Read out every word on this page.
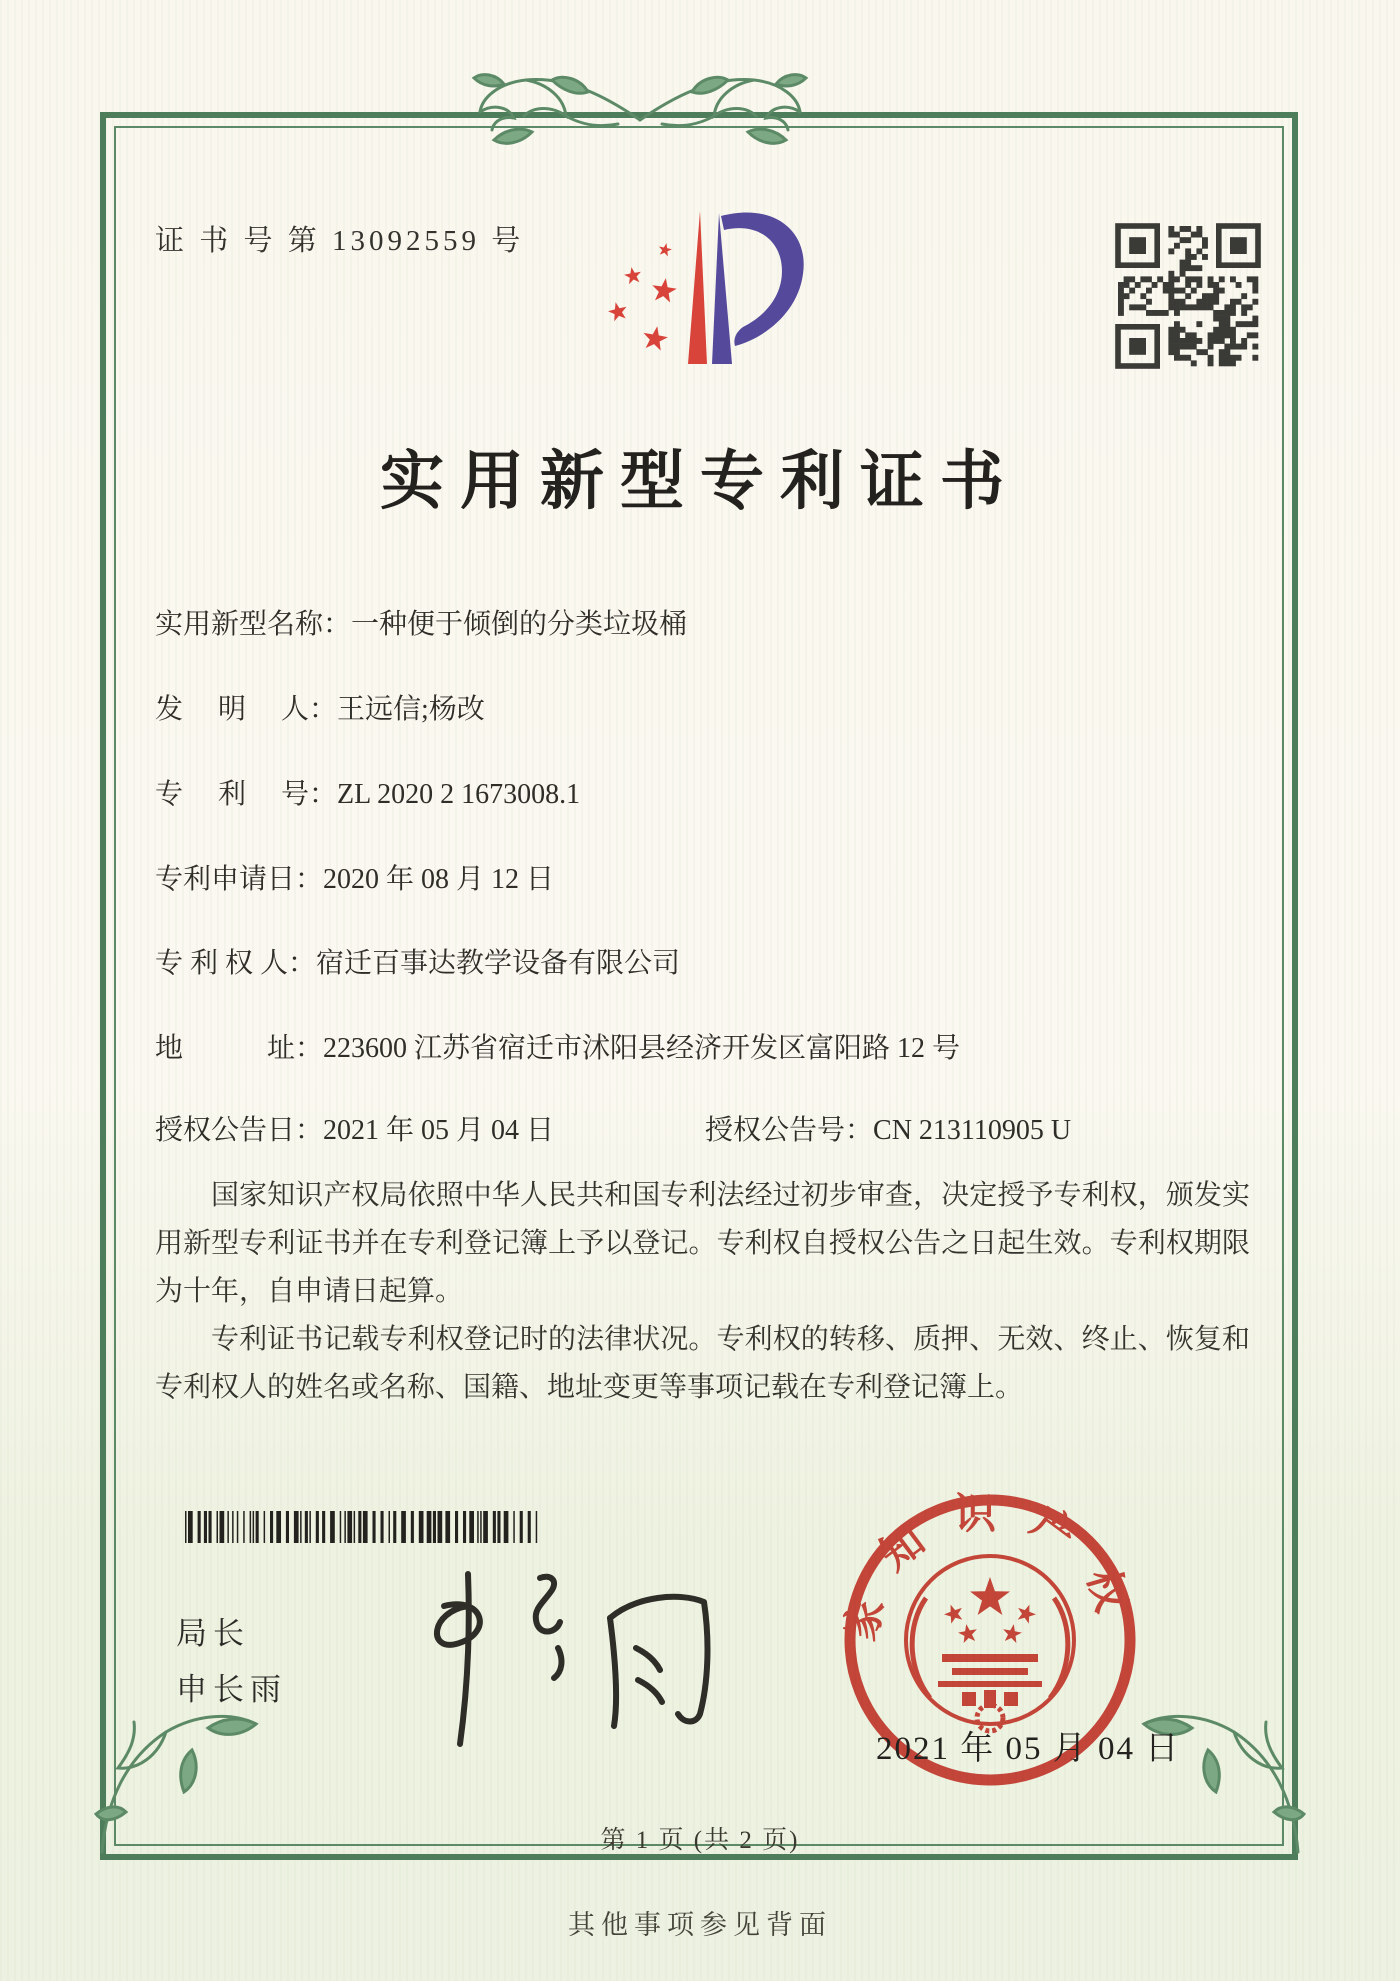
证 书 号 第 13092559 号
实用新型专利证书
实用新型名称：一种便于倾倒的分类垃圾桶
发　 明　 人：王远信;杨改
专　 利　 号：ZL 2020 2 1673008.1
专利申请日：2020 年 08 月 12 日
专 利 权 人：宿迁百事达教学设备有限公司
地　　　址：223600 江苏省宿迁市沭阳县经济开发区富阳路 12 号
授权公告日：2021 年 05 月 04 日	授权公告号：CN 213110905 U

国家知识产权局依照中华人民共和国专利法经过初步审查，决定授予专利权，颁发实用新型专利证书并在专利登记簿上予以登记。专利权自授权公告之日起生效。专利权期限为十年，自申请日起算。

专利证书记载专利权登记时的法律状况。专利权的转移、质押、无效、终止、恢复和专利权人的姓名或名称、国籍、地址变更等事项记载在专利登记簿上。

局长
申长雨
国家知识产权局
2021 年 05 月 04 日
第 1 页 (共 2 页)
其他事项参见背面
